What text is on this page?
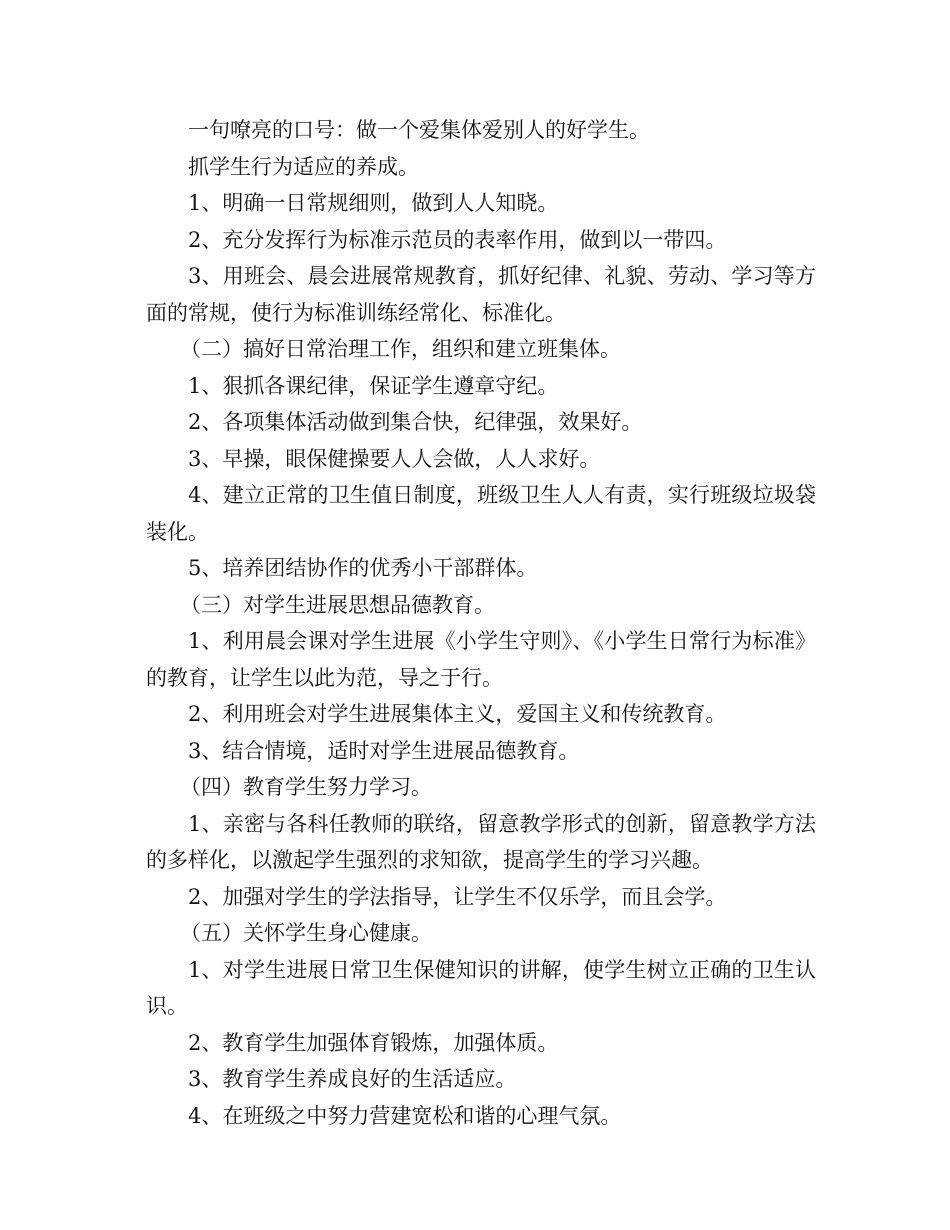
一句嘹亮的口号：做一个爱集体爱别人的好学生。

抓学生行为适应的养成。

1、明确一日常规细则，做到人人知晓。

2、充分发挥行为标准示范员的表率作用，做到以一带四。

3、用班会、晨会进展常规教育，抓好纪律、礼貌、劳动、学习等方面的常规，使行为标准训练经常化、标准化。

（二）搞好日常治理工作，组织和建立班集体。

1、狠抓各课纪律，保证学生遵章守纪。

2、各项集体活动做到集合快，纪律强，效果好。

3、早操，眼保健操要人人会做，人人求好。

4、建立正常的卫生值日制度，班级卫生人人有责，实行班级垃圾袋装化。

5、培养团结协作的优秀小干部群体。

（三）对学生进展思想品德教育。

1、利用晨会课对学生进展《小学生守则》、《小学生日常行为标准》的教育，让学生以此为范，导之于行。

2、利用班会对学生进展集体主义，爱国主义和传统教育。

3、结合情境，适时对学生进展品德教育。

（四）教育学生努力学习。

1、亲密与各科任教师的联络，留意教学形式的创新，留意教学方法的多样化，以激起学生强烈的求知欲，提高学生的学习兴趣。

2、加强对学生的学法指导，让学生不仅乐学，而且会学。

（五）关怀学生身心健康。

1、对学生进展日常卫生保健知识的讲解，使学生树立正确的卫生认识。

2、教育学生加强体育锻炼，加强体质。

3、教育学生养成良好的生活适应。

4、在班级之中努力营建宽松和谐的心理气氛。
